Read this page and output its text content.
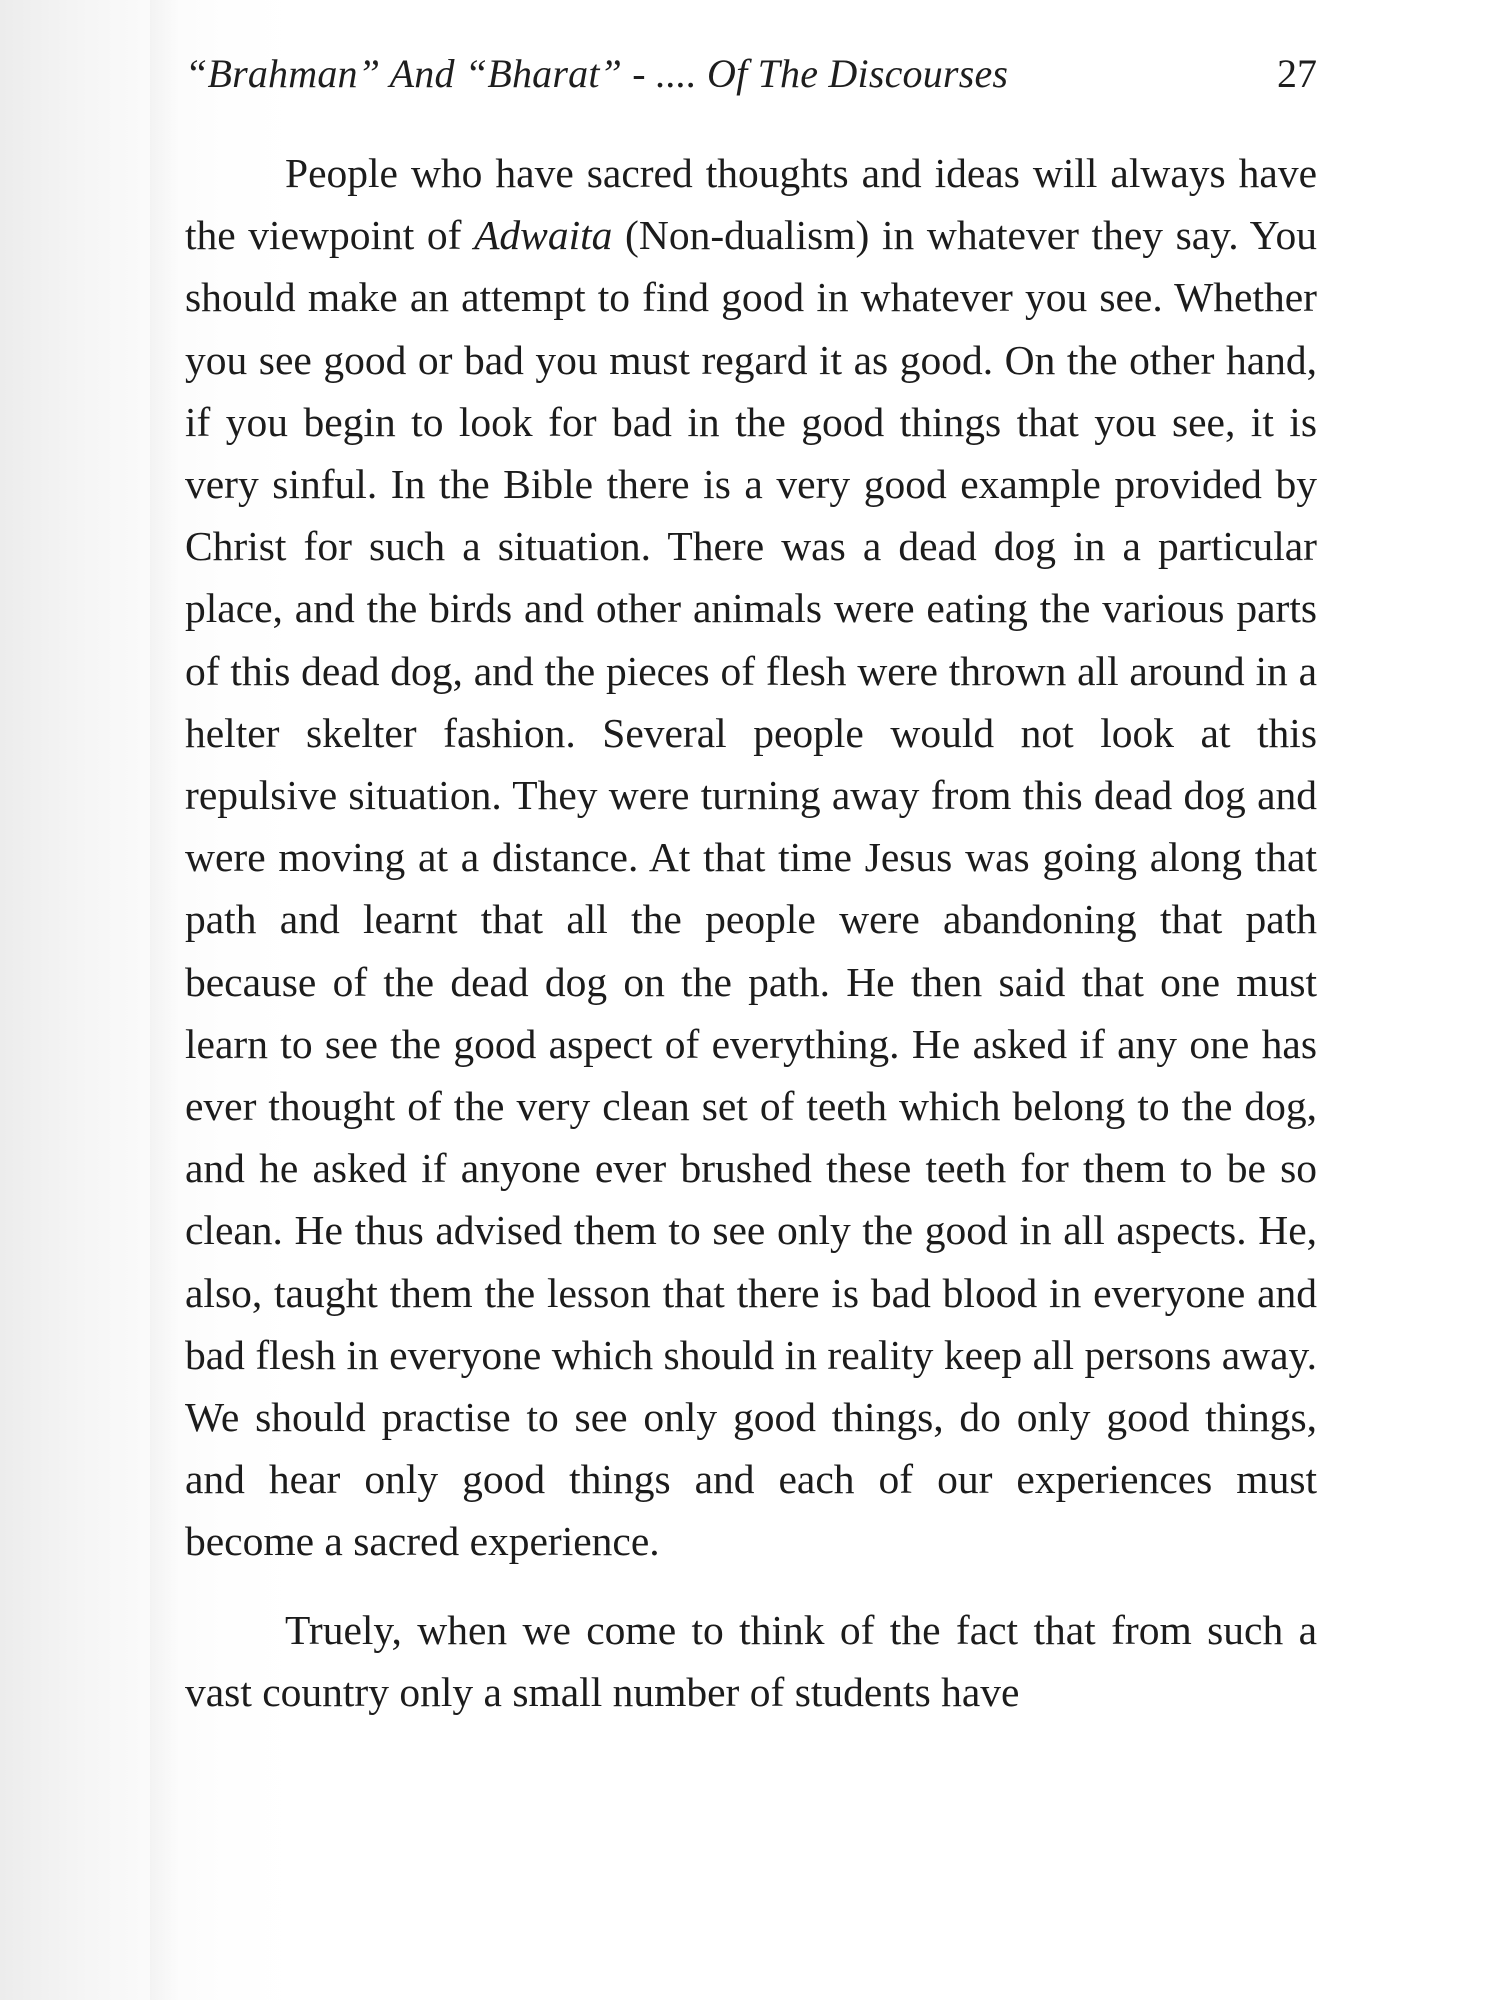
“Brahman” And “Bharat” - .... Of The Discourses	27

People who have sacred thoughts and ideas will always have the viewpoint of Adwaita (Non-dualism) in whatever they say. You should make an attempt to find good in whatever you see. Whether you see good or bad you must regard it as good. On the other hand, if you begin to look for bad in the good things that you see, it is very sinful. In the Bible there is a very good example provided by Christ for such a situation. There was a dead dog in a particular place, and the birds and other animals were eating the various parts of this dead dog, and the pieces of flesh were thrown all around in a helter skelter fashion. Several people would not look at this repulsive situation. They were turning away from this dead dog and were moving at a distance. At that time Jesus was going along that path and learnt that all the people were abandoning that path because of the dead dog on the path. He then said that one must learn to see the good aspect of everything. He asked if any one has ever thought of the very clean set of teeth which belong to the dog, and he asked if anyone ever brushed these teeth for them to be so clean. He thus advised them to see only the good in all aspects. He, also, taught them the lesson that there is bad blood in everyone and bad flesh in everyone which should in reality keep all persons away. We should practise to see only good things, do only good things, and hear only good things and each of our experiences must become a sacred experience.

Truely, when we come to think of the fact that from such a vast country only a small number of students have
